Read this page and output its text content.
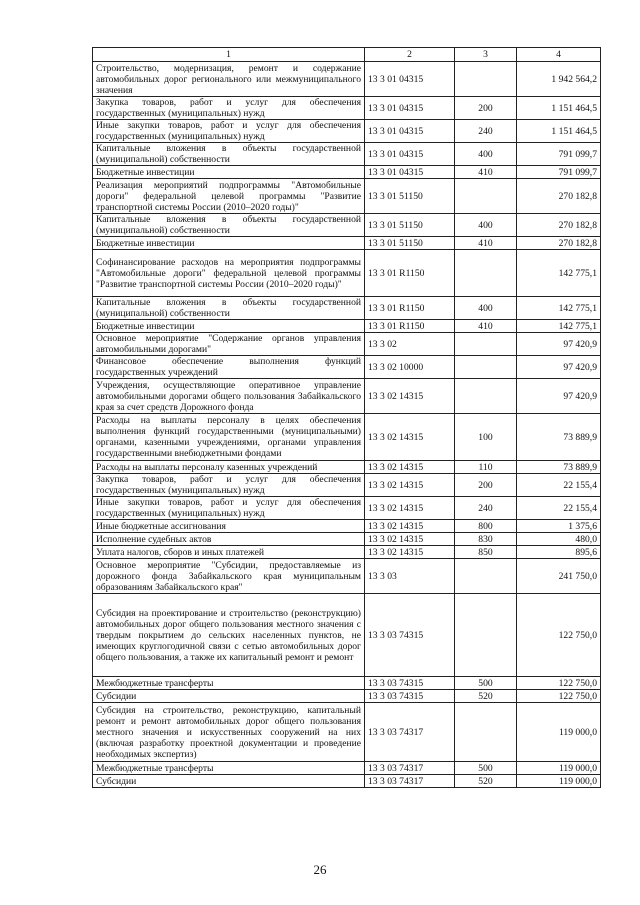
1	2	3	4
Строительство, модернизация, ремонт и содержание автомобильных дорог регионального или межмуниципального значения	13 3 01 04315		1 942 564,2
Закупка товаров, работ и услуг для обеспечения государственных (муниципальных) нужд	13 3 01 04315	200	1 151 464,5
Иные закупки товаров, работ и услуг для обеспечения государственных (муниципальных) нужд	13 3 01 04315	240	1 151 464,5
Капитальные вложения в объекты государственной (муниципальной) собственности	13 3 01 04315	400	791 099,7
Бюджетные инвестиции	13 3 01 04315	410	791 099,7
Реализация мероприятий подпрограммы "Автомобильные дороги" федеральной целевой программы "Развитие транспортной системы России (2010–2020 годы)"	13 3 01 51150		270 182,8
Капитальные вложения в объекты государственной (муниципальной) собственности	13 3 01 51150	400	270 182,8
Бюджетные инвестиции	13 3 01 51150	410	270 182,8
Софинансирование расходов на мероприятия подпрограммы "Автомобильные дороги" федеральной целевой программы "Развитие транспортной системы России (2010–2020 годы)"	13 3 01 R1150		142 775,1
Капитальные вложения в объекты государственной (муниципальной) собственности	13 3 01 R1150	400	142 775,1
Бюджетные инвестиции	13 3 01 R1150	410	142 775,1
Основное мероприятие "Содержание органов управления автомобильными дорогами"	13 3 02		97 420,9
Финансовое обеспечение выполнения функций государственных учреждений	13 3 02 10000		97 420,9
Учреждения, осуществляющие оперативное управление автомобильными дорогами общего пользования Забайкальского края за счет средств Дорожного фонда	13 3 02 14315		97 420,9
Расходы на выплаты персоналу в целях обеспечения выполнения функций государственными (муниципальными) органами, казенными учреждениями, органами управления государственными внебюджетными фондами	13 3 02 14315	100	73 889,9
Расходы на выплаты персоналу казенных учреждений	13 3 02 14315	110	73 889,9
Закупка товаров, работ и услуг для обеспечения государственных (муниципальных) нужд	13 3 02 14315	200	22 155,4
Иные закупки товаров, работ и услуг для обеспечения государственных (муниципальных) нужд	13 3 02 14315	240	22 155,4
Иные бюджетные ассигнования	13 3 02 14315	800	1 375,6
Исполнение судебных актов	13 3 02 14315	830	480,0
Уплата налогов, сборов и иных платежей	13 3 02 14315	850	895,6
Основное мероприятие "Субсидии, предоставляемые из дорожного фонда Забайкальского края муниципальным образованиям Забайкальского края"	13 3 03		241 750,0
Субсидия на проектирование и строительство (реконструкцию) автомобильных дорог общего пользования местного значения с твердым покрытием до сельских населенных пунктов, не имеющих круглогодичной связи с сетью автомобильных дорог общего пользования, а также их капитальный ремонт и ремонт	13 3 03 74315		122 750,0
Межбюджетные трансферты	13 3 03 74315	500	122 750,0
Субсидии	13 3 03 74315	520	122 750,0
Субсидия на строительство, реконструкцию, капитальный ремонт и ремонт автомобильных дорог общего пользования местного значения и искусственных сооружений на них (включая разработку проектной документации и проведение необходимых экспертиз)	13 3 03 74317		119 000,0
Межбюджетные трансферты	13 3 03 74317	500	119 000,0
Субсидии	13 3 03 74317	520	119 000,0
26
